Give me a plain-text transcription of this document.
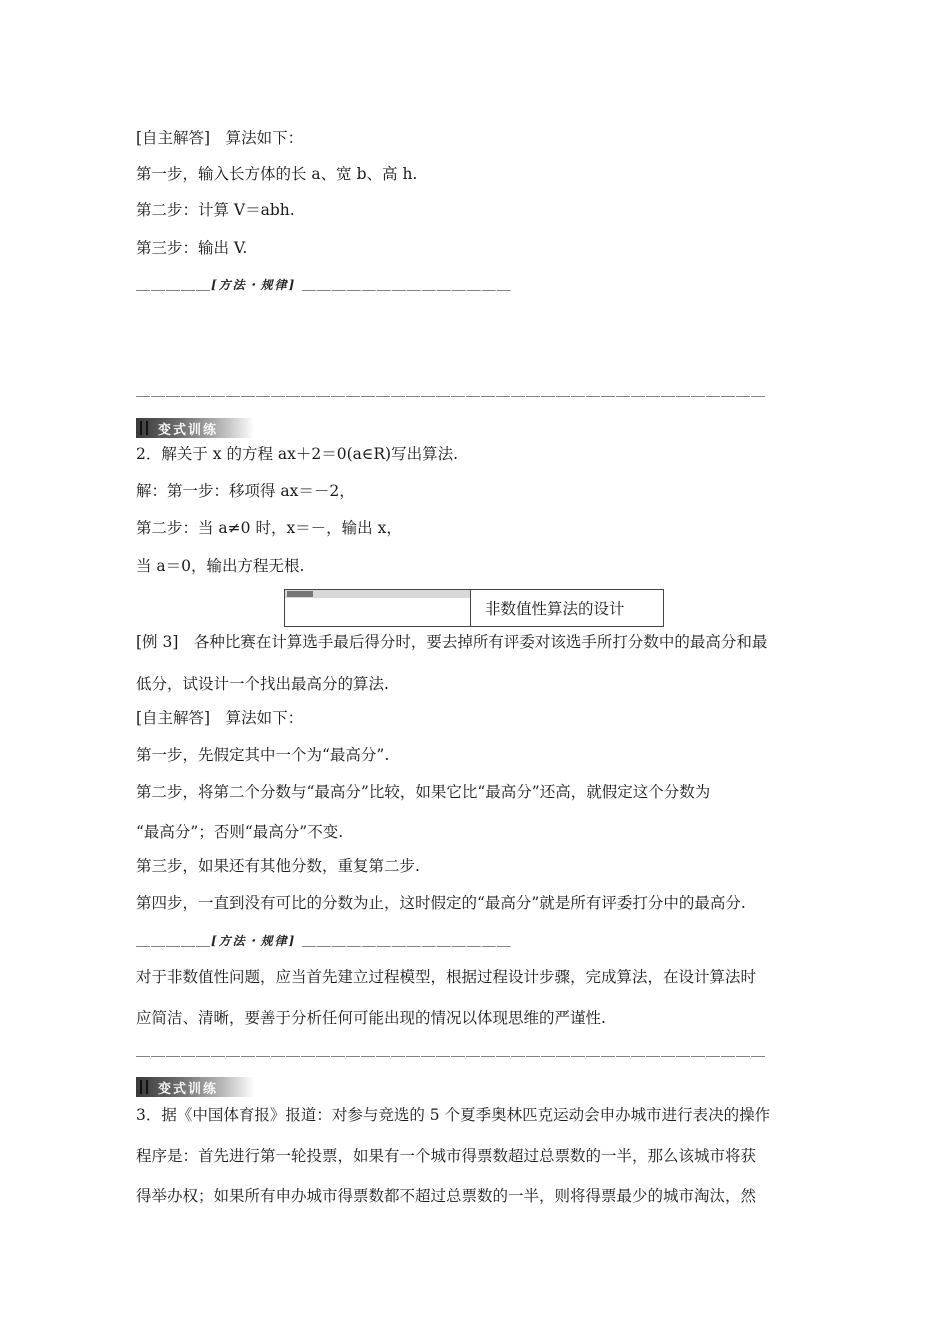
[自主解答]　算法如下：
第一步，输入长方体的长 a、宽 b、高 h.
第二步：计算 V＝abh.
第三步：输出 V.
＿＿＿＿＿[方法・规律] ＿＿＿＿＿＿＿＿＿＿＿＿＿＿
＿＿＿＿＿＿＿＿＿＿＿＿＿＿＿＿＿＿＿＿＿＿＿＿＿＿＿＿＿＿＿＿＿＿＿＿＿＿＿＿＿＿
变式训练
2．解关于 x 的方程 ax＋2＝0(a∈R)写出算法.
解：第一步：移项得 ax＝－2，
第二步：当 a≠0 时，x＝－，输出 x，
当 a＝0，输出方程无根.
非数值性算法的设计
[例 3]　各种比赛在计算选手最后得分时，要去掉所有评委对该选手所打分数中的最高分和最
低分，试设计一个找出最高分的算法.
[自主解答]　算法如下：
第一步，先假定其中一个为“最高分”.
第二步，将第二个分数与“最高分”比较，如果它比“最高分”还高，就假定这个分数为
“最高分”；否则“最高分”不变.
第三步，如果还有其他分数，重复第二步.
第四步，一直到没有可比的分数为止，这时假定的“最高分”就是所有评委打分中的最高分.
＿＿＿＿＿[方法・规律] ＿＿＿＿＿＿＿＿＿＿＿＿＿＿
对于非数值性问题，应当首先建立过程模型，根据过程设计步骤，完成算法，在设计算法时
应简洁、清晰，要善于分析任何可能出现的情况以体现思维的严谨性.
＿＿＿＿＿＿＿＿＿＿＿＿＿＿＿＿＿＿＿＿＿＿＿＿＿＿＿＿＿＿＿＿＿＿＿＿＿＿＿＿＿＿
变式训练
3．据《中国体育报》报道：对参与竞选的 5 个夏季奥林匹克运动会申办城市进行表决的操作
程序是：首先进行第一轮投票，如果有一个城市得票数超过总票数的一半，那么该城市将获
得举办权；如果所有申办城市得票数都不超过总票数的一半，则将得票最少的城市淘汰，然
